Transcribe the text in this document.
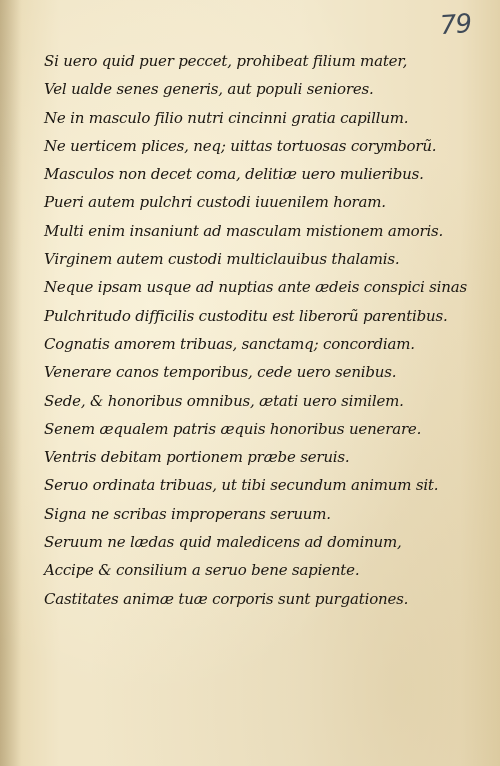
79
Si uero quid puer peccet, prohibeat filium mater,
Vel ualde senes generis, aut populi seniores.
Ne in masculo filio nutri cincinni gratia capillum.
Ne uerticem plices, neq; uittas tortuosas corymborũ.
Masculos non decet coma, delitiæ uero mulieribus.
Pueri autem pulchri custodi iuuenilem horam.
Multi enim insaniunt ad masculam mistionem amoris.
Virginem autem custodi multiclauibus thalamis.
Neque ipsam usque ad nuptias ante ædeis conspici sinas
Pulchritudo difficilis custoditu est liberorũ parentibus.
Cognatis amorem tribuas, sanctamq; concordiam.
Venerare canos temporibus, cede uero senibus.
Sede, & honoribus omnibus, ætati uero similem.
Senem æqualem patris æquis honoribus uenerare.
Ventris debitam portionem præbe seruis.
Seruo ordinata tribuas, ut tibi secundum animum sit.
Signa ne scribas improperans seruum.
Seruum ne lædas quid maledicens ad dominum,
Accipe & consilium a seruo bene sapiente.
Castitates animæ tuæ corporis sunt purgationes.
